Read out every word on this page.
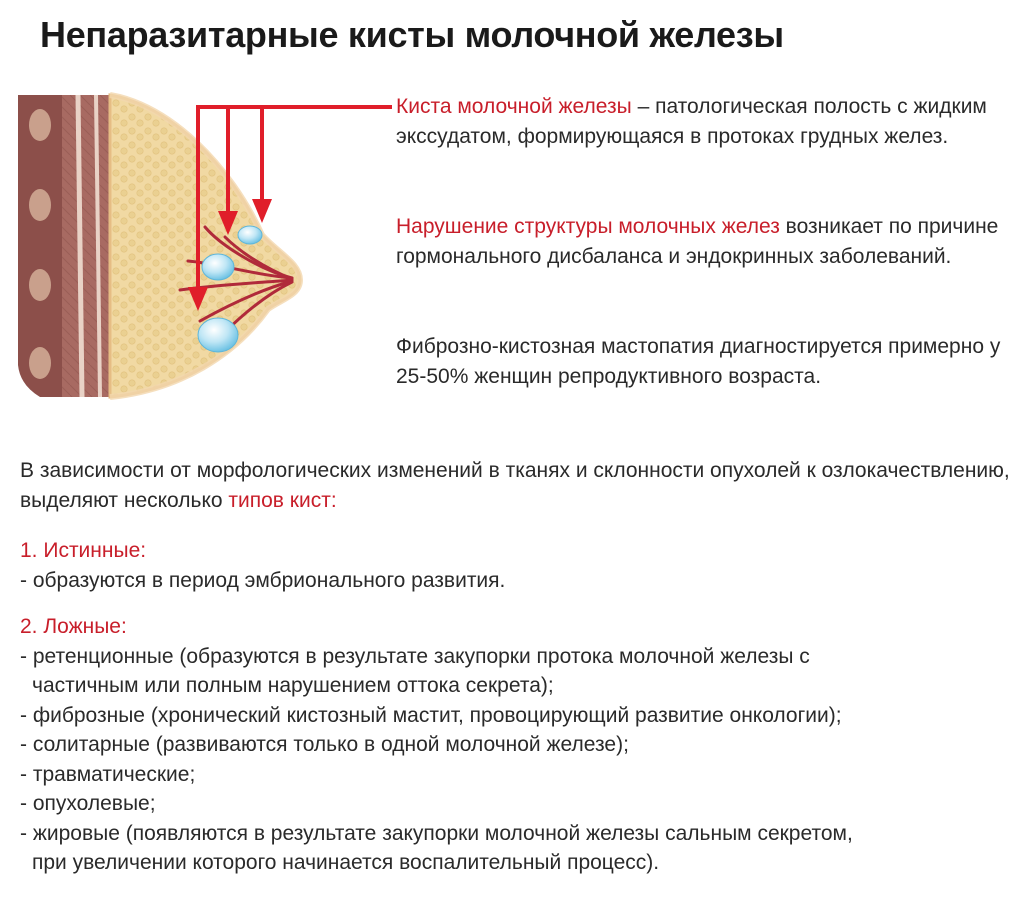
Непаразитарные кисты молочной железы
Киста молочной железы – патологическая полость с жидким экссудатом, формирующаяся в протоках грудных желез.
Нарушение структуры молочных желез возникает по причине гормонального дисбаланса и эндокринных заболеваний.
Фиброзно-кистозная мастопатия диагностируется примерно у 25-50% женщин репродуктивного возраста.
В зависимости от морфологических изменений в тканях и склонности опухолей к озлокачествлению, выделяют несколько типов кист:
1. Истинные:
- образуются в период эмбрионального развития.
2. Ложные:
- ретенционные (образуются в результате закупорки протока молочной железы с
частичным или полным нарушением оттока секрета);
- фиброзные (хронический кистозный мастит, провоцирующий развитие онкологии);
- солитарные (развиваются только в одной молочной железе);
- травматические;
- опухолевые;
- жировые (появляются в результате закупорки молочной железы сальным секретом,
при увеличении которого начинается воспалительный процесс).
